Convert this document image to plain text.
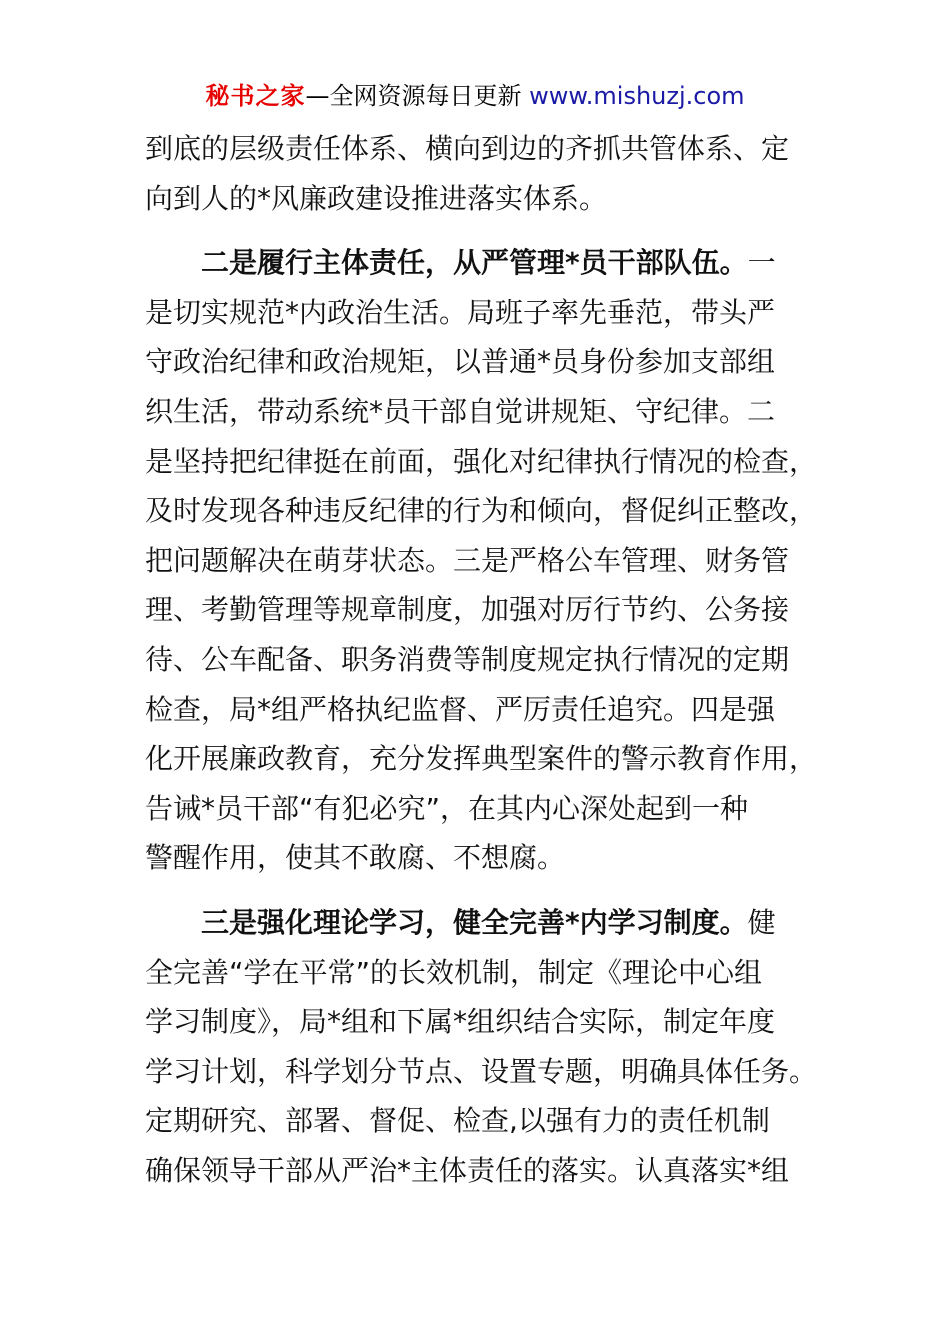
秘书之家—全网资源每日更新 www.mishuzj.com
到底的层级责任体系、横向到边的齐抓共管体系、定
向到人的*风廉政建设推进落实体系。
二是履行主体责任，从严管理*员干部队伍。一
是切实规范*内政治生活。局班子率先垂范，带头严
守政治纪律和政治规矩，以普通*员身份参加支部组
织生活，带动系统*员干部自觉讲规矩、守纪律。二
是坚持把纪律挺在前面，强化对纪律执行情况的检查，
及时发现各种违反纪律的行为和倾向，督促纠正整改，
把问题解决在萌芽状态。三是严格公车管理、财务管
理、考勤管理等规章制度，加强对厉行节约、公务接
待、公车配备、职务消费等制度规定执行情况的定期
检查，局*组严格执纪监督、严厉责任追究。四是强
化开展廉政教育，充分发挥典型案件的警示教育作用，
告诫*员干部“有犯必究”，在其内心深处起到一种
警醒作用，使其不敢腐、不想腐。
三是强化理论学习，健全完善*内学习制度。健
全完善“学在平常”的长效机制，制定《理论中心组
学习制度》，局*组和下属*组织结合实际，制定年度
学习计划，科学划分节点、设置专题，明确具体任务。
定期研究、部署、督促、检查,以强有力的责任机制
确保领导干部从严治*主体责任的落实。认真落实*组
